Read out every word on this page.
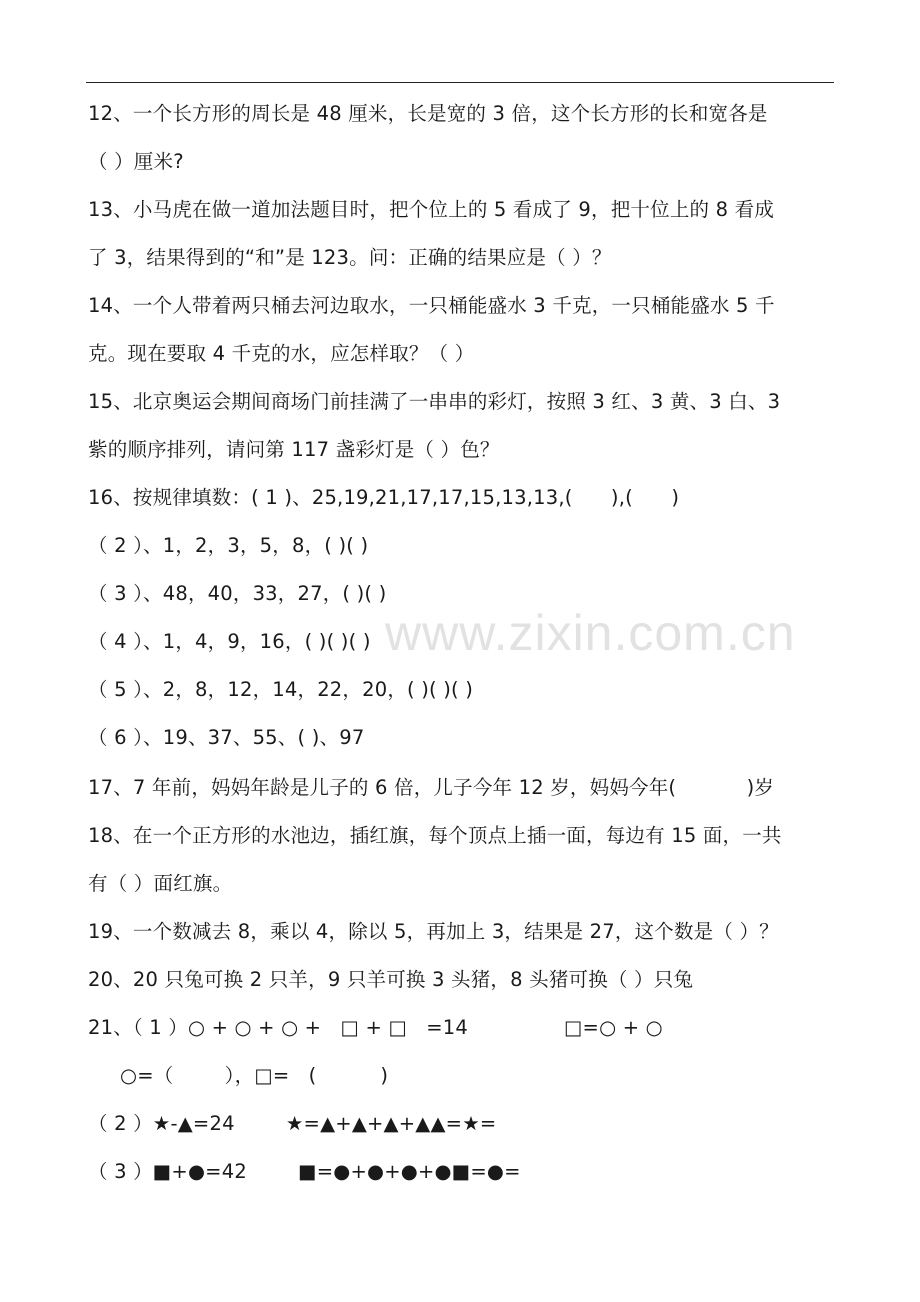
www.zixin.com.cn
12、一个长方形的周长是 48 厘米，长是宽的 3 倍，这个长方形的长和宽各是
（ ）厘米?
13、小马虎在做一道加法题目时，把个位上的 5 看成了 9，把十位上的 8 看成
了 3，结果得到的“和”是 123。问：正确的结果应是（ ）？
14、一个人带着两只桶去河边取水，一只桶能盛水 3 千克，一只桶能盛水 5 千
克。现在要取 4 千克的水，应怎样取？（ ）
15、北京奥运会期间商场门前挂满了一串串的彩灯，按照 3 红、3 黄、3 白、3
紫的顺序排列，请问第 117 盏彩灯是（ ）色？
16、按规律填数：( 1 )、25,19,21,17,17,15,13,13,(      ),(      )
（ 2 ）、1，2，3，5，8，( )( )
（ 3 ）、48，40，33，27，( )( )
（ 4 ）、1，4，9，16，( )( )( )
（ 5 ）、2，8，12，14，22，20，( )( )( )
（ 6 ）、19、37、55、( )、97
17、7 年前，妈妈年龄是儿子的 6 倍，儿子今年 12 岁，妈妈今年(           )岁
18、在一个正方形的水池边，插红旗，每个顶点上插一面，每边有 15 面，一共
有（ ）面红旗。
19、一个数减去 8，乘以 4，除以 5，再加上 3，结果是 27，这个数是（ ）？
20、20 只兔可换 2 只羊，9 只羊可换 3 头猪，8 头猪可换（ ）只兔
21、（ 1 ）○ + ○ + ○ +   □ + □   =14               □=○ + ○
○=（        ），□=   (          )
（ 2 ）★-▲=24        ★=▲+▲+▲+▲▲=★=
（ 3 ）■+●=42        ■=●+●+●+●■=●=
